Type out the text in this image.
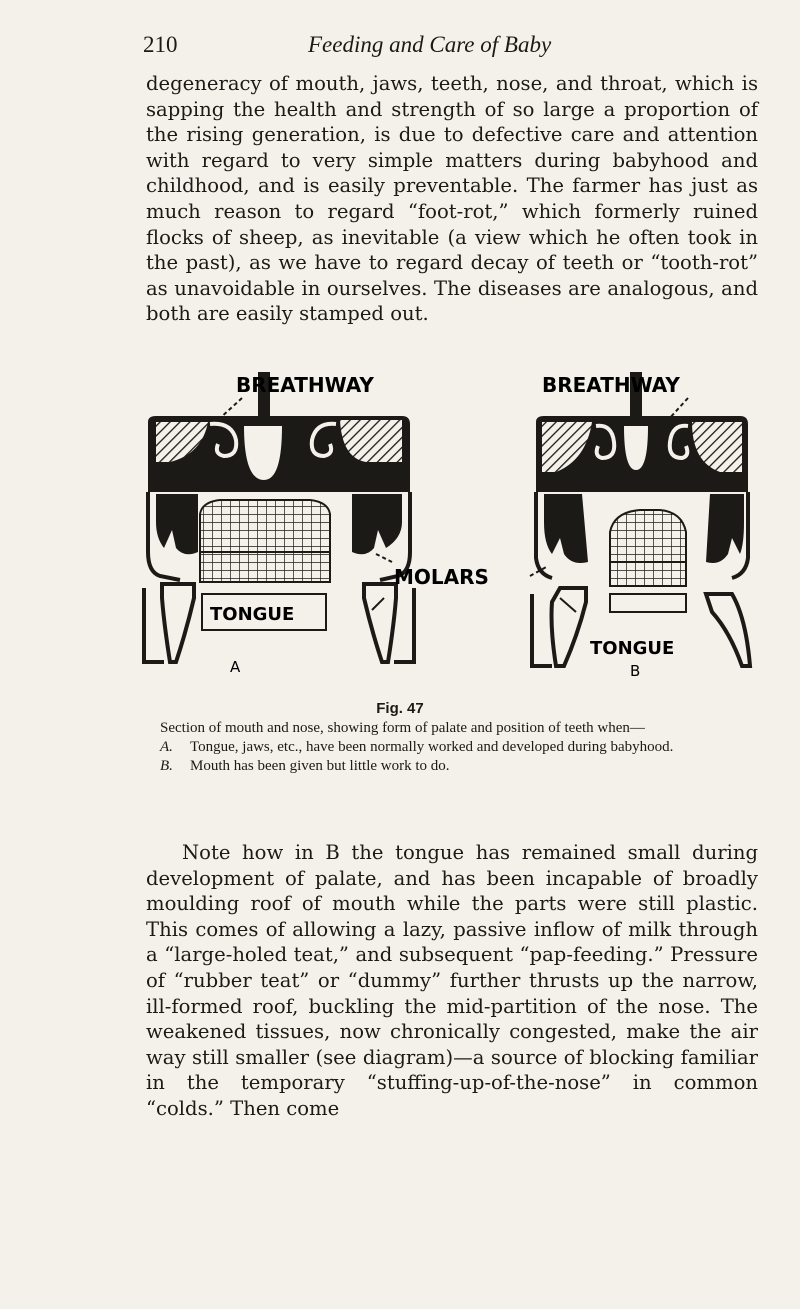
210	Feeding and Care of Baby

degeneracy of mouth, jaws, teeth, nose, and throat, which is sapping the health and strength of so large a proportion of the rising generation, is due to defective care and attention with regard to very simple matters during babyhood and childhood, and is easily preventable. The farmer has just as much reason to regard “foot-rot,” which formerly ruined flocks of sheep, as inevitable (a view which he often took in the past), as we have to regard decay of teeth or “tooth-rot” as unavoidable in ourselves. The diseases are analogous, and both are easily stamped out.

BREATHWAY
TONGUE
A
MOLARS
BREATHWAY
TONGUE
B
Fig. 47

Section of mouth and nose, showing form of palate and position of teeth when—

A. Tongue, jaws, etc., have been normally worked and developed during babyhood.

B. Mouth has been given but little work to do.

Note how in B the tongue has remained small during development of palate, and has been incapable of broadly moulding roof of mouth while the parts were still plastic. This comes of allowing a lazy, passive inflow of milk through a “large-holed teat,” and subsequent “pap-feeding.” Pressure of “rubber teat” or “dummy” further thrusts up the narrow, ill-formed roof, buckling the mid-partition of the nose. The weakened tissues, now chronically congested, make the air way still smaller (see diagram)—a source of blocking familiar in the temporary “stuffing-up-of-the-nose” in common “colds.” Then come
